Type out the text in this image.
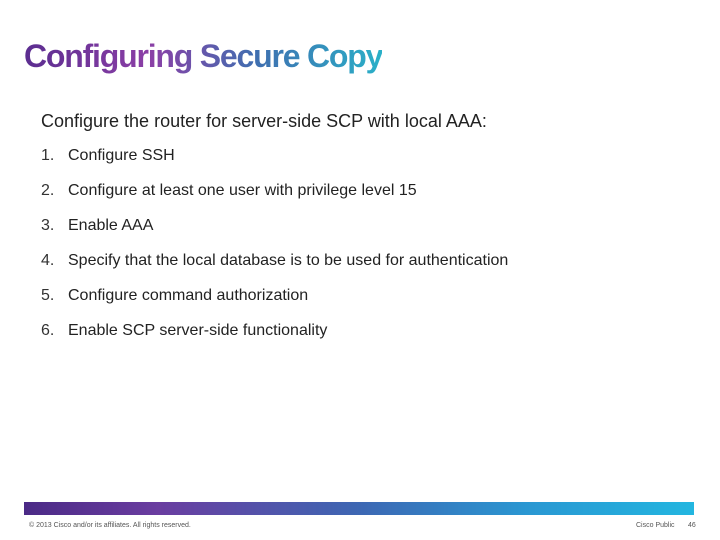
Configuring Secure Copy

Configure the router for server-side SCP with local AAA:

1. Configure SSH
2. Configure at least one user with privilege level 15
3. Enable AAA
4. Specify that the local database is to be used for authentication
5. Configure command authorization
6. Enable SCP server-side functionality
© 2013 Cisco and/or its affiliates. All rights reserved.	Cisco Public 46
